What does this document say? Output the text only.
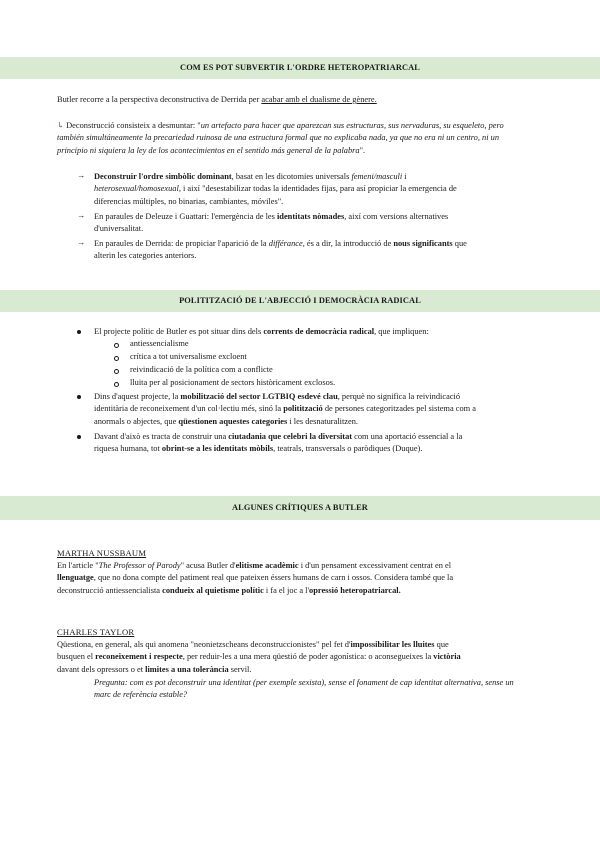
COM ES POT SUBVERTIR L'ORDRE HETEROPATRIARCAL
Butler recorre a la perspectiva deconstructiva de Derrida per acabar amb el dualisme de gènere.
↳ Deconstrucció consisteix a desmuntar: "un artefacto para hacer que aparezcan sus estructuras, sus nervaduras, su esqueleto, pero
también simultáneamente la precariedad ruinosa de una estructura formal que no explicaba nada, ya que no era ni un centro, ni un
principio ni siquiera la ley de los acontecimientos en el sentido más general de la palabra".
→ Deconstruir l'ordre simbòlic dominant, basat en les dicotomies universals femeni/masculi i
heterosexual/homosexual, i així "desestabilizar todas la identidades fijas, para así propiciar la emergencia de
diferencias múltiples, no binarias, cambiantes, móviles".
→ En paraules de Deleuze i Guattari: l'emergència de les identitats nòmades, així com versions alternatives
d'universalitat.
→ En paraules de Derrida: de propiciar l'aparició de la différance, és a dir, la introducció de nous significants que
alterin les categories anteriors.
POLITITZACIÓ DE L'ABJECCIÓ I DEMOCRÀCIA RADICAL
El projecte polític de Butler es pot situar dins dels corrents de democràcia radical, que impliquen:
antiessencialisme
crítica a tot universalisme excloent
reivindicació de la política com a conflicte
lluita per al posicionament de sectors històricament exclosos.
Dins d'aquest projecte, la mobilització del sector LGTBIQ esdevé clau, perquè no significa la reivindicació
identitària de reconeixement d'un col·lectiu més, sinó la politització de persones categoritzades pel sistema com a
anormals o abjectes, que qüestionen aquestes categories i les desnaturalitzen.
Davant d'això es tracta de construir una ciutadania que celebri la diversitat com una aportació essencial a la
riquesa humana, tot obrint-se a les identitats mòbils, teatrals, transversals o paròdiques (Duque).
ALGUNES CRÍTIQUES A BUTLER
MARTHA NUSSBAUM
En l'article "The Professor of Parody" acusa Butler d'elitisme acadèmic i d'un pensament excessivament centrat en el
llenguatge, que no dona compte del patiment real que pateixen éssers humans de carn i ossos. Considera també que la
deconstrucció antiessencialista condueix al quietisme polític i fa el joc a l'opressió heteropatriarcal.
CHARLES TAYLOR
Qüestiona, en general, als qui anomena "neonietzscheans deconstruccionistes" pel fet d'impossibilitar les lluites que
busquen el reconeixement i respecte, per reduir-les a una mera qüestió de poder agonística: o aconsegueixes la victòria
davant dels opressors o et limites a una tolerància servil.
Pregunta: com es pot deconstruir una identitat (per exemple sexista), sense el fonament de cap identitat alternativa, sense un
marc de referència estable?
